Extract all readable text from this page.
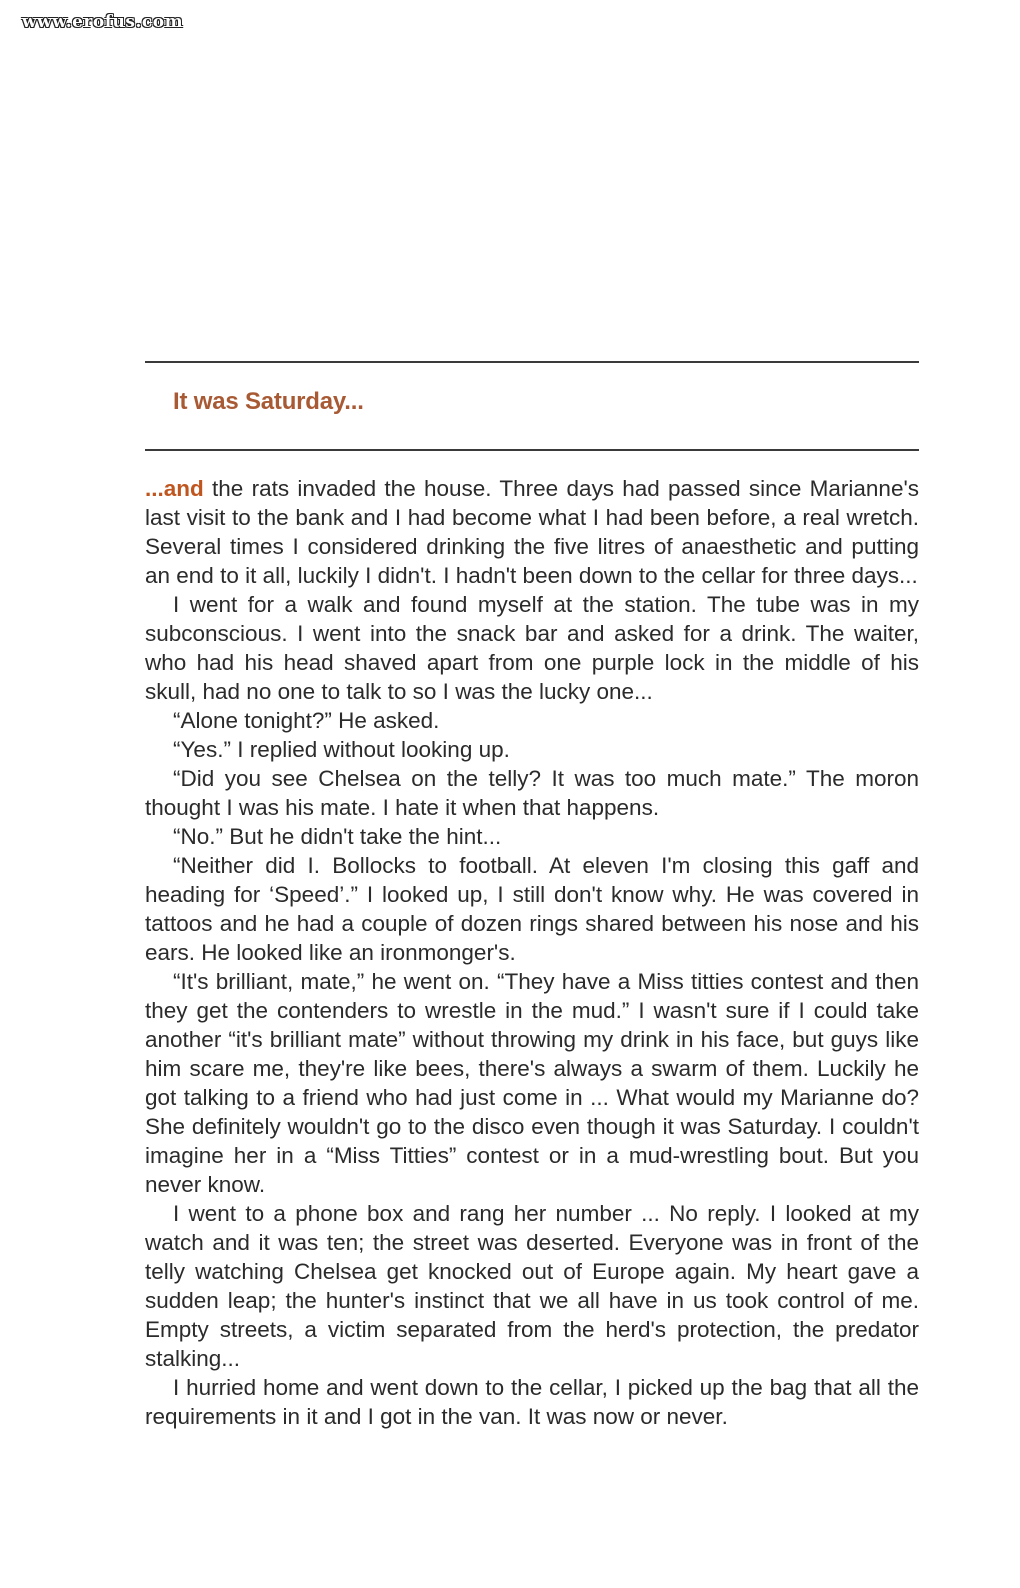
www.erofus.com
It was Saturday...

...and the rats invaded the house. Three days had passed since Marianne's last visit to the bank and I had become what I had been before, a real wretch. Several times I considered drinking the five litres of anaesthetic and putting an end to it all, luckily I didn't. I hadn't been down to the cellar for three days...

I went for a walk and found myself at the station. The tube was in my subconscious. I went into the snack bar and asked for a drink. The waiter, who had his head shaved apart from one purple lock in the middle of his skull, had no one to talk to so I was the lucky one...

“Alone tonight?” He asked.

“Yes.” I replied without looking up.

“Did you see Chelsea on the telly? It was too much mate.” The moron thought I was his mate. I hate it when that happens.

“No.” But he didn't take the hint...

“Neither did I. Bollocks to football. At eleven I'm closing this gaff and heading for ‘Speed’.” I looked up, I still don't know why. He was covered in tattoos and he had a couple of dozen rings shared between his nose and his ears. He looked like an ironmonger's.

“It's brilliant, mate,” he went on. “They have a Miss titties contest and then they get the contenders to wrestle in the mud.” I wasn't sure if I could take another “it's brilliant mate” without throwing my drink in his face, but guys like him scare me, they're like bees, there's always a swarm of them. Luckily he got talking to a friend who had just come in ... What would my Marianne do? She definitely wouldn't go to the disco even though it was Saturday. I couldn't imagine her in a “Miss Titties” contest or in a mud-wrestling bout. But you never know.

I went to a phone box and rang her number ... No reply. I looked at my watch and it was ten; the street was deserted. Everyone was in front of the telly watching Chelsea get knocked out of Europe again. My heart gave a sudden leap; the hunter's instinct that we all have in us took control of me. Empty streets, a victim separated from the herd's protection, the predator stalking...

I hurried home and went down to the cellar, I picked up the bag that all the requirements in it and I got in the van. It was now or never.
